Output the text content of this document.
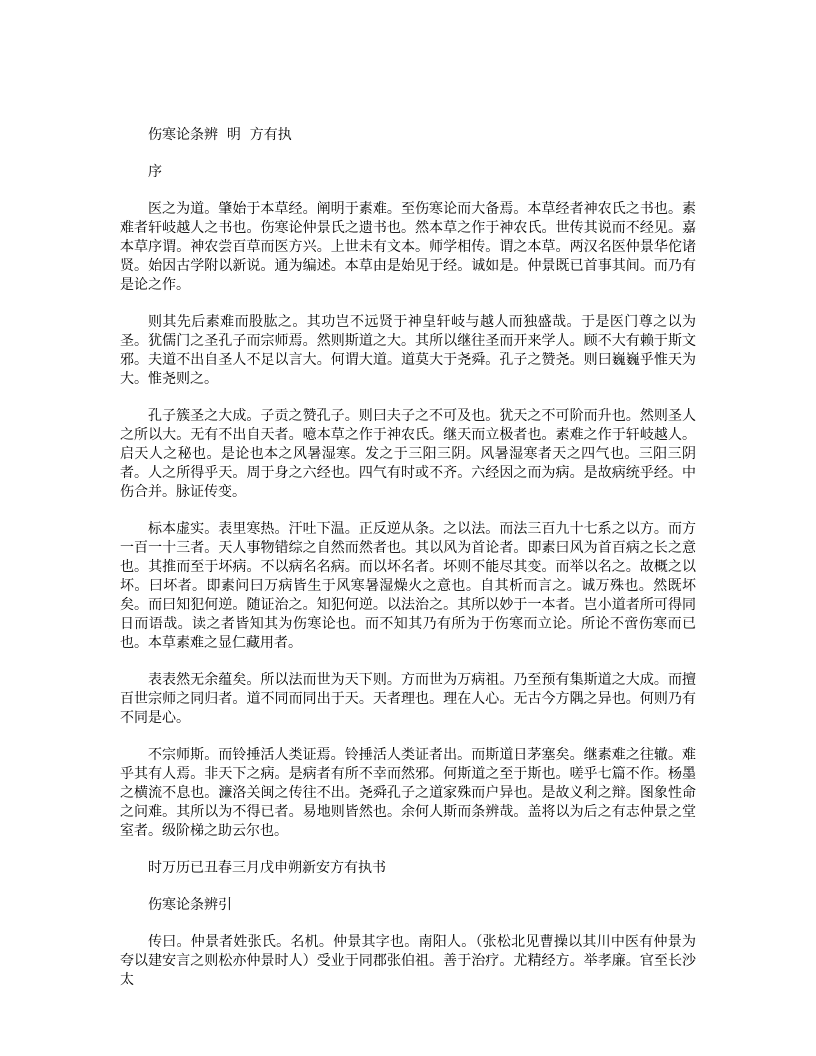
伤寒论条辨  明  方有执

序

医之为道。肇始于本草经。阐明于素难。至伤寒论而大备焉。本草经者神农氏之书也。素难者轩岐越人之书也。伤寒论仲景氏之遗书也。然本草之作于神农氏。世传其说而不经见。嘉 本草序谓。神农尝百草而医方兴。上世未有文本。师学相传。谓之本草。两汉名医仲景华佗诸贤。始因古学附以新说。通为编述。本草由是始见于经。诚如是。仲景既已首事其间。而乃有是论之作。

则其先后素难而股肱之。其功岂不远贤于神皇轩岐与越人而独盛哉。于是医门尊之以为圣。犹儒门之圣孔子而宗师焉。然则斯道之大。其所以继往圣而开来学人。顾不大有赖于斯文邪。夫道不出自圣人不足以言大。何谓大道。道莫大于尧舜。孔子之赞尧。则曰巍巍乎惟天为大。惟尧则之。

孔子簇圣之大成。子贡之赞孔子。则曰夫子之不可及也。犹天之不可阶而升也。然则圣人之所以大。无有不出自天者。噫本草之作于神农氏。继天而立极者也。素难之作于轩岐越人。启天人之秘也。是论也本之风暑湿寒。发之于三阳三阴。风暑湿寒者天之四气也。三阳三阴者。人之所得乎天。周于身之六经也。四气有时或不齐。六经因之而为病。是故病统乎经。中伤合并。脉证传变。

标本虚实。表里寒热。汗吐下温。正反逆从条。之以法。而法三百九十七系之以方。而方一百一十三者。天人事物错综之自然而然者也。其以风为首论者。即素曰风为首百病之长之意也。其推而至于坏病。不以病名名病。而以坏名者。坏则不能尽其变。而举以名之。故概之以坏。曰坏者。即素问曰万病皆生于风寒暑湿燥火之意也。自其析而言之。诚万殊也。然既坏矣。而曰知犯何逆。随证治之。知犯何逆。以法治之。其所以妙于一本者。岂小道者所可得同日而语哉。读之者皆知其为伤寒论也。而不知其乃有所为于伤寒而立论。所论不啻伤寒而已也。本草素难之显仁藏用者。

表表然无余蕴矣。所以法而世为天下则。方而世为万病祖。乃至预有集斯道之大成。而擅百世宗师之同归者。道不同而同出于天。天者理也。理在人心。无古今方隅之异也。何则乃有不同是心。

不宗师斯。而铃捶活人类证焉。铃捶活人类证者出。而斯道日茅塞矣。继素难之往辙。难乎其有人焉。非天下之病。是病者有所不幸而然邪。何斯道之至于斯也。嗟乎七篇不作。杨墨之横流不息也。濂洛关闽之传往不出。尧舜孔子之道家殊而户异也。是故义利之辩。图象性命之问难。其所以为不得已者。易地则皆然也。余何人斯而条辨哉。盖将以为后之有志仲景之堂室者。级阶梯之助云尔也。

时万历已丑春三月戊申朔新安方有执书

伤寒论条辨引

传曰。仲景者姓张氏。名机。仲景其字也。南阳人。（张松北见曹操以其川中医有仲景为夸以建安言之则松亦仲景时人）受业于同郡张伯祖。善于治疗。尤精经方。举孝廉。官至长沙太
